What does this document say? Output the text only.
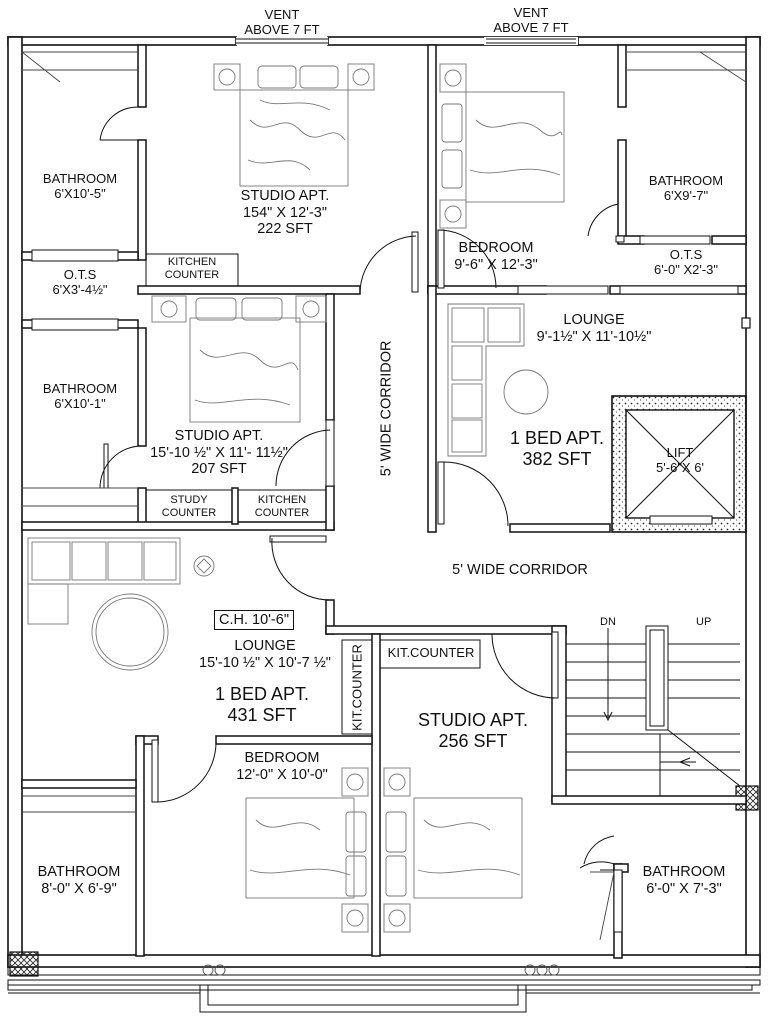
VENT
ABOVE 7 FT
VENT
ABOVE 7 FT
BATHROOM
6'X10'-5"	STUDIO APT.
154" X 12'-3"
222 SFT
BEDROOM
9'-6" X 12'-3"
BATHROOM
6'X9'-7"
O.T.S
6'-0" X2'-3"
O.T.S
6'X3'-4½"
KITCHEN
COUNTER
LOUNGE
9'-1½" X 11'-10½"
BATHROOM
6'X10'-1"
1 BED APT.
382 SFT
STUDIO APT.
15'-10 ½" X 11'- 11½"
207 SFT
LIFT
5'-6"X 6'
STUDY
COUNTER
KITCHEN
COUNTER
5' WIDE CORRIDOR
5' WIDE CORRIDOR
C.H. 10'-6"
LOUNGE
15'-10 ½" X 10'-7 ½"
1 BED APT.
431 SFT
KIT.COUNTER
KIT.COUNTER	STUDIO APT.
256 SFT
BEDROOM
12'-0" X 10'-0"
BATHROOM
8'-0" X 6'-9"
BATHROOM
6'-0" X 7'-3"
DN	UP
